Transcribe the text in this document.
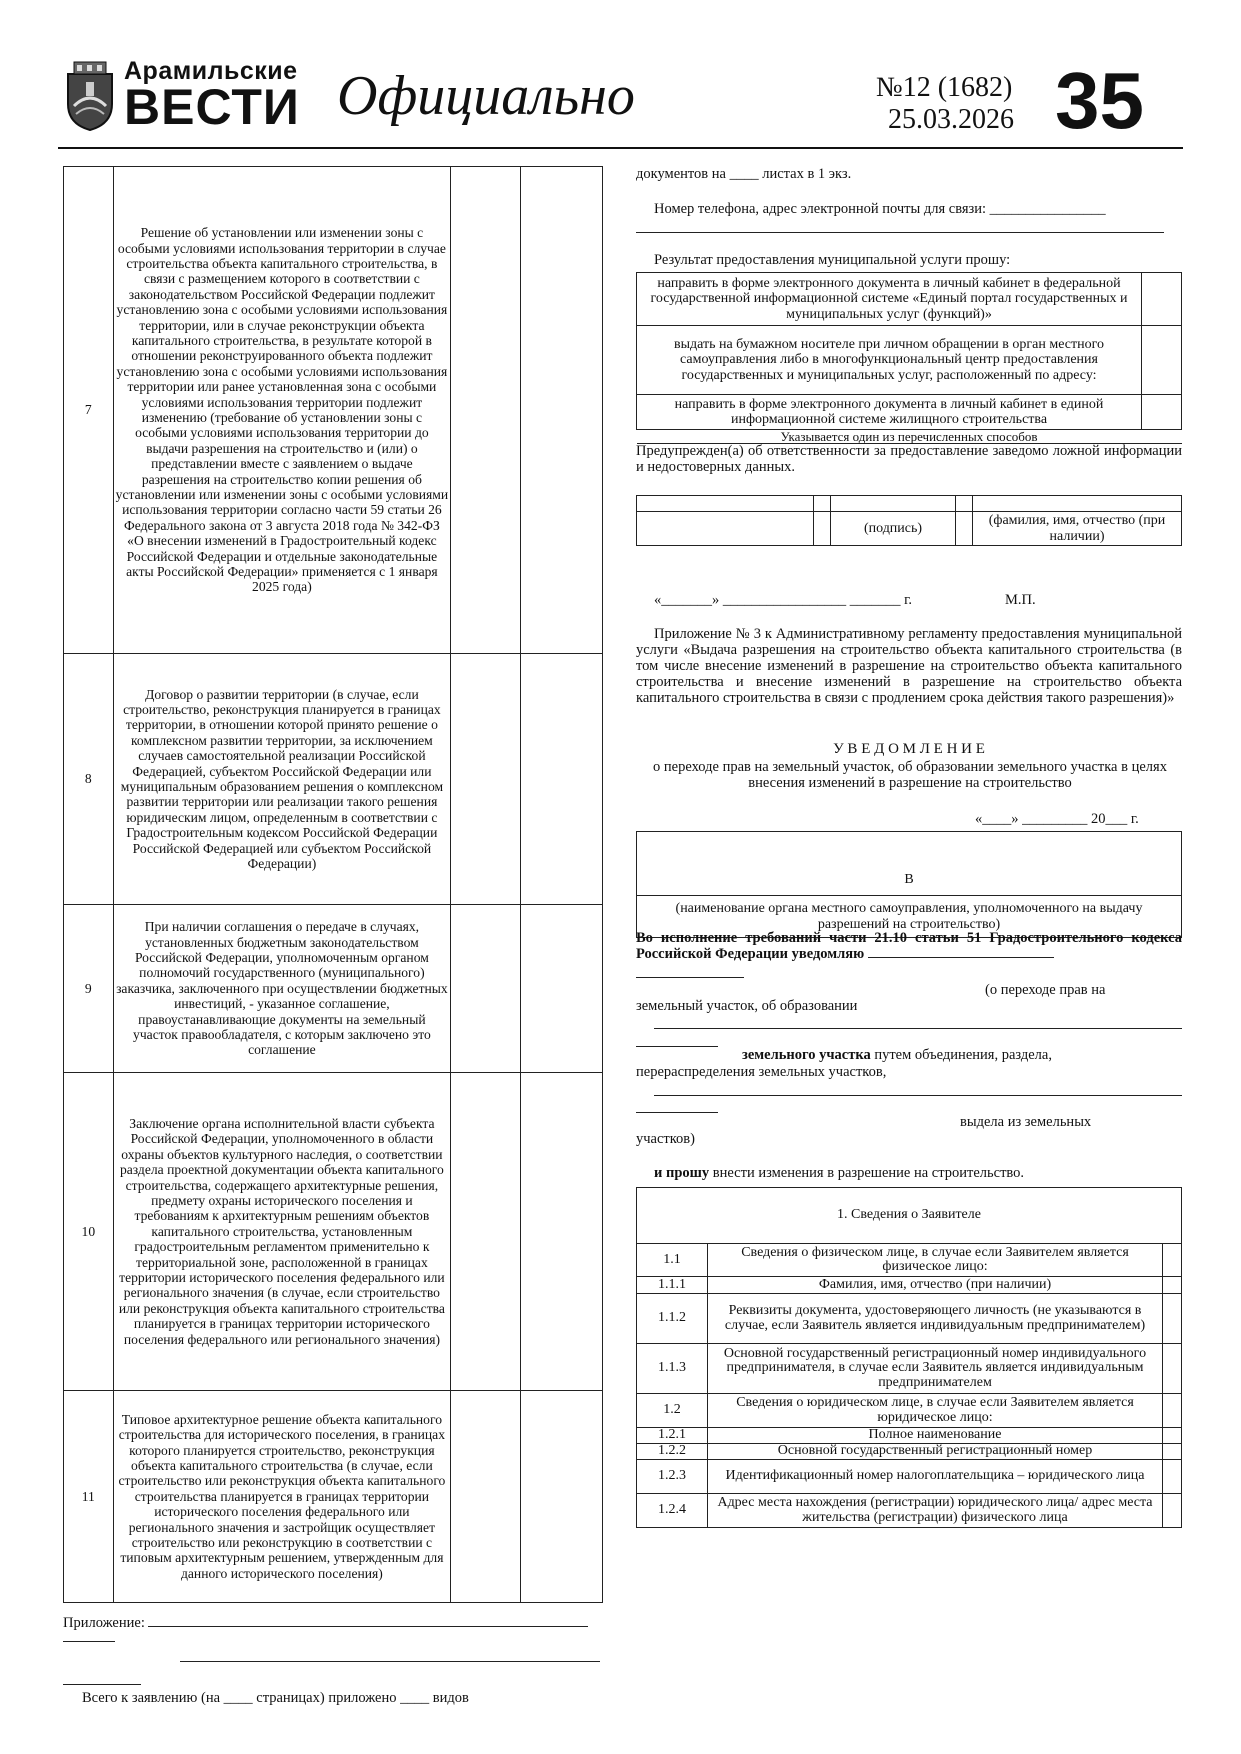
Арамильские
ВЕСТИ Официально	№12 (1682)
25.03.2026 35
7	Решение об установлении или изменении зоны с особыми условиями использования территории в случае строительства объекта капитального строительства, в связи с размещением которого в соответствии с законодательством Российской Федерации подлежит установлению зона с особыми условиями использования территории, или в случае реконструкции объекта капитального строительства, в результате которой в отношении реконструированного объекта подлежит установлению зона с особыми условиями использования территории или ранее установленная зона с особыми условиями использования территории подлежит изменению (требование об установлении зоны с особыми условиями использования территории до выдачи разрешения на строительство и (или) о представлении вместе с заявлением о выдаче разрешения на строительство копии решения об установлении или изменении зоны с особыми условиями использования территории согласно части 59 статьи 26 Федерального закона от 3 августа 2018 года № 342-ФЗ «О внесении изменений в Градостроительный кодекс Российской Федерации и отдельные законодательные акты Российской Федерации» применяется с 1 января 2025 года)		
8	Договор о развитии территории (в случае, если строительство, реконструкция планируется в границах территории, в отношении которой принято решение о комплексном развитии территории, за исключением случаев самостоятельной реализации Российской Федерацией, субъектом Российской Федерации или муниципальным образованием решения о комплексном развитии территории или реализации такого решения юридическим лицом, определенным в соответствии с Градостроительным кодексом Российской Федерации Российской Федерацией или субъектом Российской Федерации)		
9	При наличии соглашения о передаче в случаях, установленных бюджетным законодательством Российской Федерации, уполномоченным органом полномочий государственного (муниципального) заказчика, заключенного при осуществлении бюджетных инвестиций, - указанное соглашение, правоустанавливающие документы на земельный участок правообладателя, с которым заключено это соглашение		
10	Заключение органа исполнительной власти субъекта Российской Федерации, уполномоченного в области охраны объектов культурного наследия, о соответствии раздела проектной документации объекта капитального строительства, содержащего архитектурные решения, предмету охраны исторического поселения и требованиям к архитектурным решениям объектов капитального строительства, установленным градостроительным регламентом применительно к территориальной зоне, расположенной в границах территории исторического поселения федерального или регионального значения (в случае, если строительство или реконструкция объекта капитального строительства планируется в границах территории исторического поселения федерального или регионального значения)		
11	Типовое архитектурное решение объекта капитального строительства для исторического поселения, в границах которого планируется строительство, реконструкция объекта капитального строительства (в случае, если строительство или реконструкция объекта капитального строительства планируется в границах территории исторического поселения федерального или регионального значения и застройщик осуществляет строительство или реконструкцию в соответствии с типовым архитектурным решением, утвержденным для данного исторического поселения)		
Приложение:
Всего к заявлению (на ____ страницах) приложено ____ видов
документов на ____ листах в 1 экз.
Номер телефона, адрес электронной почты для связи: ________________
Результат предоставления муниципальной услуги прошу:
направить в форме электронного документа в личный кабинет в федеральной государственной информационной системе «Единый портал государственных и муниципальных услуг (функций)»	
выдать на бумажном носителе при личном обращении в орган местного самоуправления либо в многофункциональный центр предоставления государственных и муниципальных услуг, расположенный по адресу:	
направить в форме электронного документа в личный кабинет в единой информационной системе жилищного строительства	
Указывается один из перечисленных способов	
Предупрежден(а) об ответственности за предоставление заведомо ложной информации и недостоверных данных.

		(подпись)		(фамилия, имя, отчество (при наличии)
«_______» _________________ _______ г.	М.П.
Приложение № 3 к Административному регламенту предоставления муниципальной услуги «Выдача разрешения на строительство объекта капитального строительства (в том числе внесение изменений в разрешение на строительство объекта капитального строительства и внесение изменений в разрешение на строительство объекта капитального строительства в связи с продлением срока действия такого разрешения)»
У В Е Д О М Л Е Н И Е
о переходе прав на земельный участок, об образовании земельного участка в целях внесения изменений в разрешение на строительство
«____» _________ 20___ г.

В
(наименование органа местного самоуправления, уполномоченного на выдачу разрешений на строительство)
Во исполнение требований части 21.10 статьи 51 Градостроительного кодекса Российской Федерации уведомляю
(о переходе прав на
земельный участок, об образовании
земельного участка путем объединения, раздела,
перераспределения земельных участков,
выдела из земельных
участков)
и прошу внести изменения в разрешение на строительство.
1. Сведения о Заявителе		
1.1	Сведения о физическом лице, в случае если Заявителем является физическое лицо:	
1.1.1	Фамилия, имя, отчество (при наличии)	
1.1.2	Реквизиты документа, удостоверяющего личность (не указываются в случае, если Заявитель является индивидуальным предпринимателем)	
1.1.3	Основной государственный регистрационный номер индивидуального предпринимателя, в случае если Заявитель является индивидуальным предпринимателем	
1.2	Сведения о юридическом лице, в случае если Заявителем является юридическое лицо:	
1.2.1	Полное наименование	
1.2.2	Основной государственный регистрационный номер	
1.2.3	Идентификационный номер налогоплательщика – юридического лица	
1.2.4	Адрес места нахождения (регистрации) юридического лица/ адрес места жительства (регистрации) физического лица	
